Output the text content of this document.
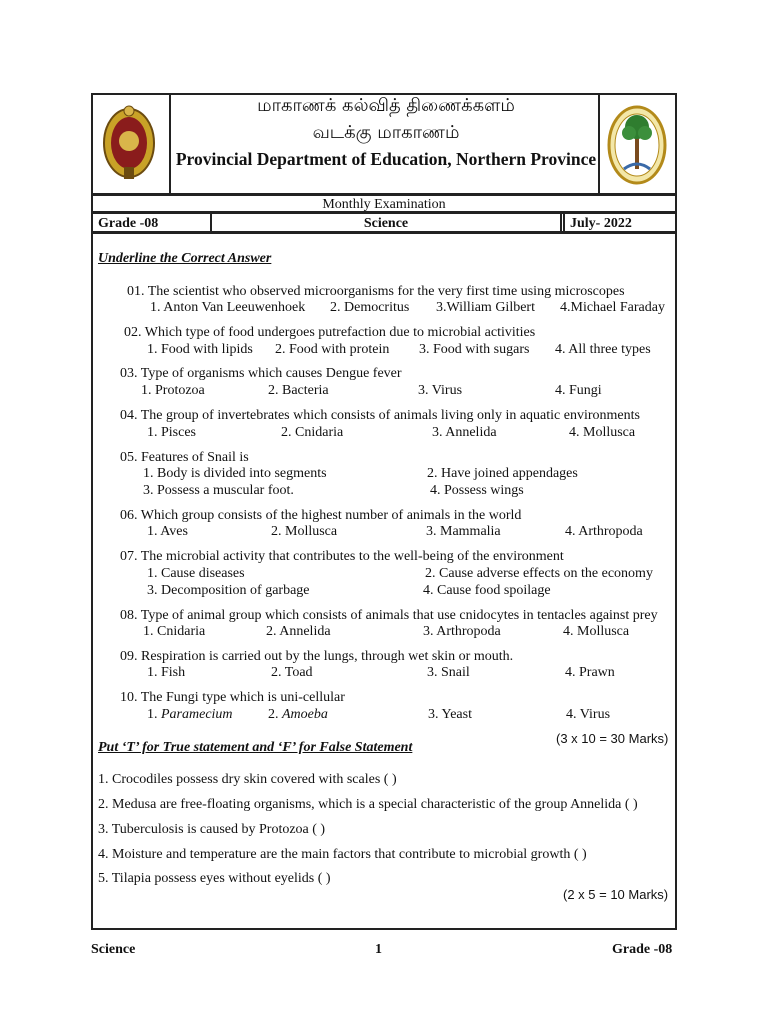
மாகாணக் கல்வித் திணைக்களம்
வடக்கு மாகாணம்
Provincial Department of Education, Northern Province
Monthly Examination
Grade -08	Science	July- 2022
Underline the Correct Answer
01. The scientist who observed microorganisms for the very first time using microscopes
1. Anton Van Leeuwenhoek 2. Democritus 3.William Gilbert 4.Michael Faraday
02. Which type of food undergoes putrefaction due to microbial activities
1. Food with lipids 2. Food with protein 3. Food with sugars 4. All three types
03. Type of organisms which causes Dengue fever
1. Protozoa	2. Bacteria	3. Virus	4. Fungi
04. The group of invertebrates which consists of animals living only in aquatic environments
1. Pisces	2. Cnidaria	3. Annelida	4. Mollusca
05. Features of Snail is
1. Body is divided into segments	2. Have joined appendages
3. Possess a muscular foot.	4. Possess wings
06. Which group consists of the highest number of animals in the world
1. Aves	2. Mollusca	3. Mammalia	4. Arthropoda
07. The microbial activity that contributes to the well-being of the environment
1. Cause diseases	2. Cause adverse effects on the economy
3. Decomposition of garbage	4. Cause food spoilage
08. Type of animal group which consists of animals that use cnidocytes in tentacles against prey
1. Cnidaria	2. Annelida	3. Arthropoda	4. Mollusca
09. Respiration is carried out by the lungs, through wet skin or mouth.
1. Fish	2. Toad	3. Snail	4. Prawn
10. The Fungi type which is uni-cellular
1. Paramecium	2. Amoeba	3. Yeast	4. Virus
(3 x 10 = 30 Marks)
Put ‘T’ for True statement and ‘F’ for False Statement
1. Crocodiles possess dry skin covered with scales ( )
2. Medusa are free-floating organisms, which is a special characteristic of the group Annelida ( )
3. Tuberculosis is caused by Protozoa ( )
4. Moisture and temperature are the main factors that contribute to microbial growth ( )
5. Tilapia possess eyes without eyelids ( )
(2 x 5 = 10 Marks)
Science	1	Grade -08
